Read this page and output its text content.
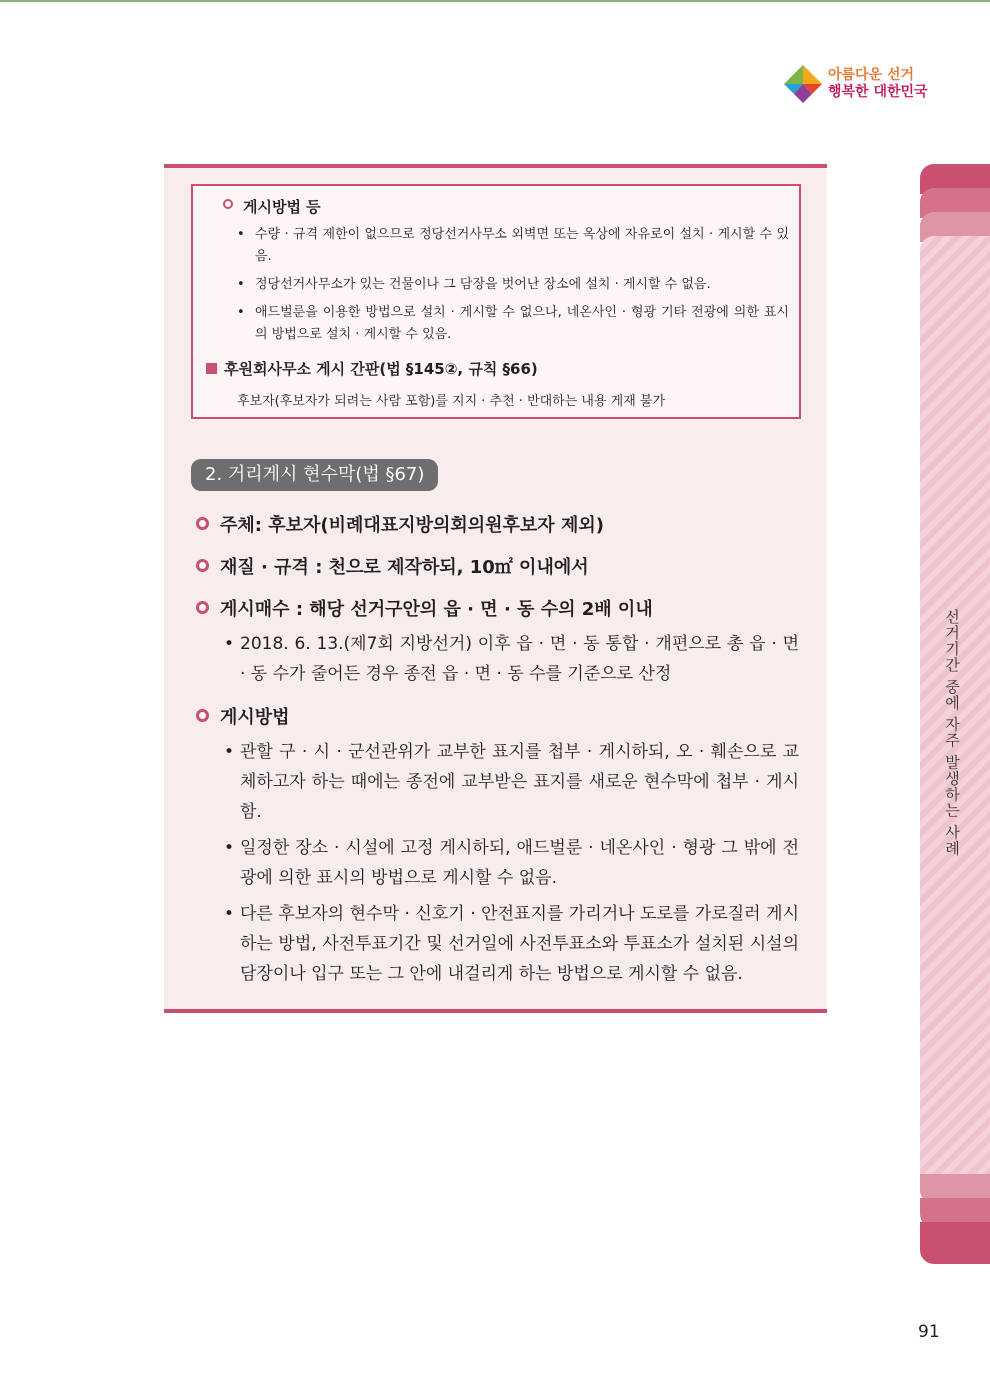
아름다운 선거
행복한 대한민국
게시방법 등
• 수량 · 규격 제한이 없으므로 정당선거사무소 외벽면 또는 옥상에 자유로이 설치 · 게시할 수 있음.
• 정당선거사무소가 있는 건물이나 그 담장을 벗어난 장소에 설치 · 게시할 수 없음.
• 애드벌룬을 이용한 방법으로 설치 · 게시할 수 없으나, 네온사인 · 형광 기타 전광에 의한 표시의 방법으로 설치 · 게시할 수 있음.
후원회사무소 게시 간판(법 §145②, 규칙 §66)
후보자(후보자가 되려는 사람 포함)를 지지 · 추천 · 반대하는 내용 게재 불가
2. 거리게시 현수막(법 §67)
주체: 후보자(비례대표지방의회의원후보자 제외)
재질 · 규격 : 천으로 제작하되, 10㎡ 이내에서
게시매수 : 해당 선거구안의 읍 · 면 · 동 수의 2배 이내
• 2018. 6. 13.(제7회 지방선거) 이후 읍 · 면 · 동 통합 · 개편으로 총 읍 · 면 · 동 수가 줄어든 경우 종전 읍 · 면 · 동 수를 기준으로 산정
게시방법
• 관할 구 · 시 · 군선관위가 교부한 표지를 첩부 · 게시하되, 오 · 훼손으로 교체하고자 하는 때에는 종전에 교부받은 표지를 새로운 현수막에 첩부 · 게시함.
• 일정한 장소 · 시설에 고정 게시하되, 애드벌룬 · 네온사인 · 형광 그 밖에 전광에 의한 표시의 방법으로 게시할 수 없음.
• 다른 후보자의 현수막 · 신호기 · 안전표지를 가리거나 도로를 가로질러 게시하는 방법, 사전투표기간 및 선거일에 사전투표소와 투표소가 설치된 시설의 담장이나 입구 또는 그 안에 내걸리게 하는 방법으로 게시할 수 없음.
선거기간 중에 자주 발생하는 사례
91
